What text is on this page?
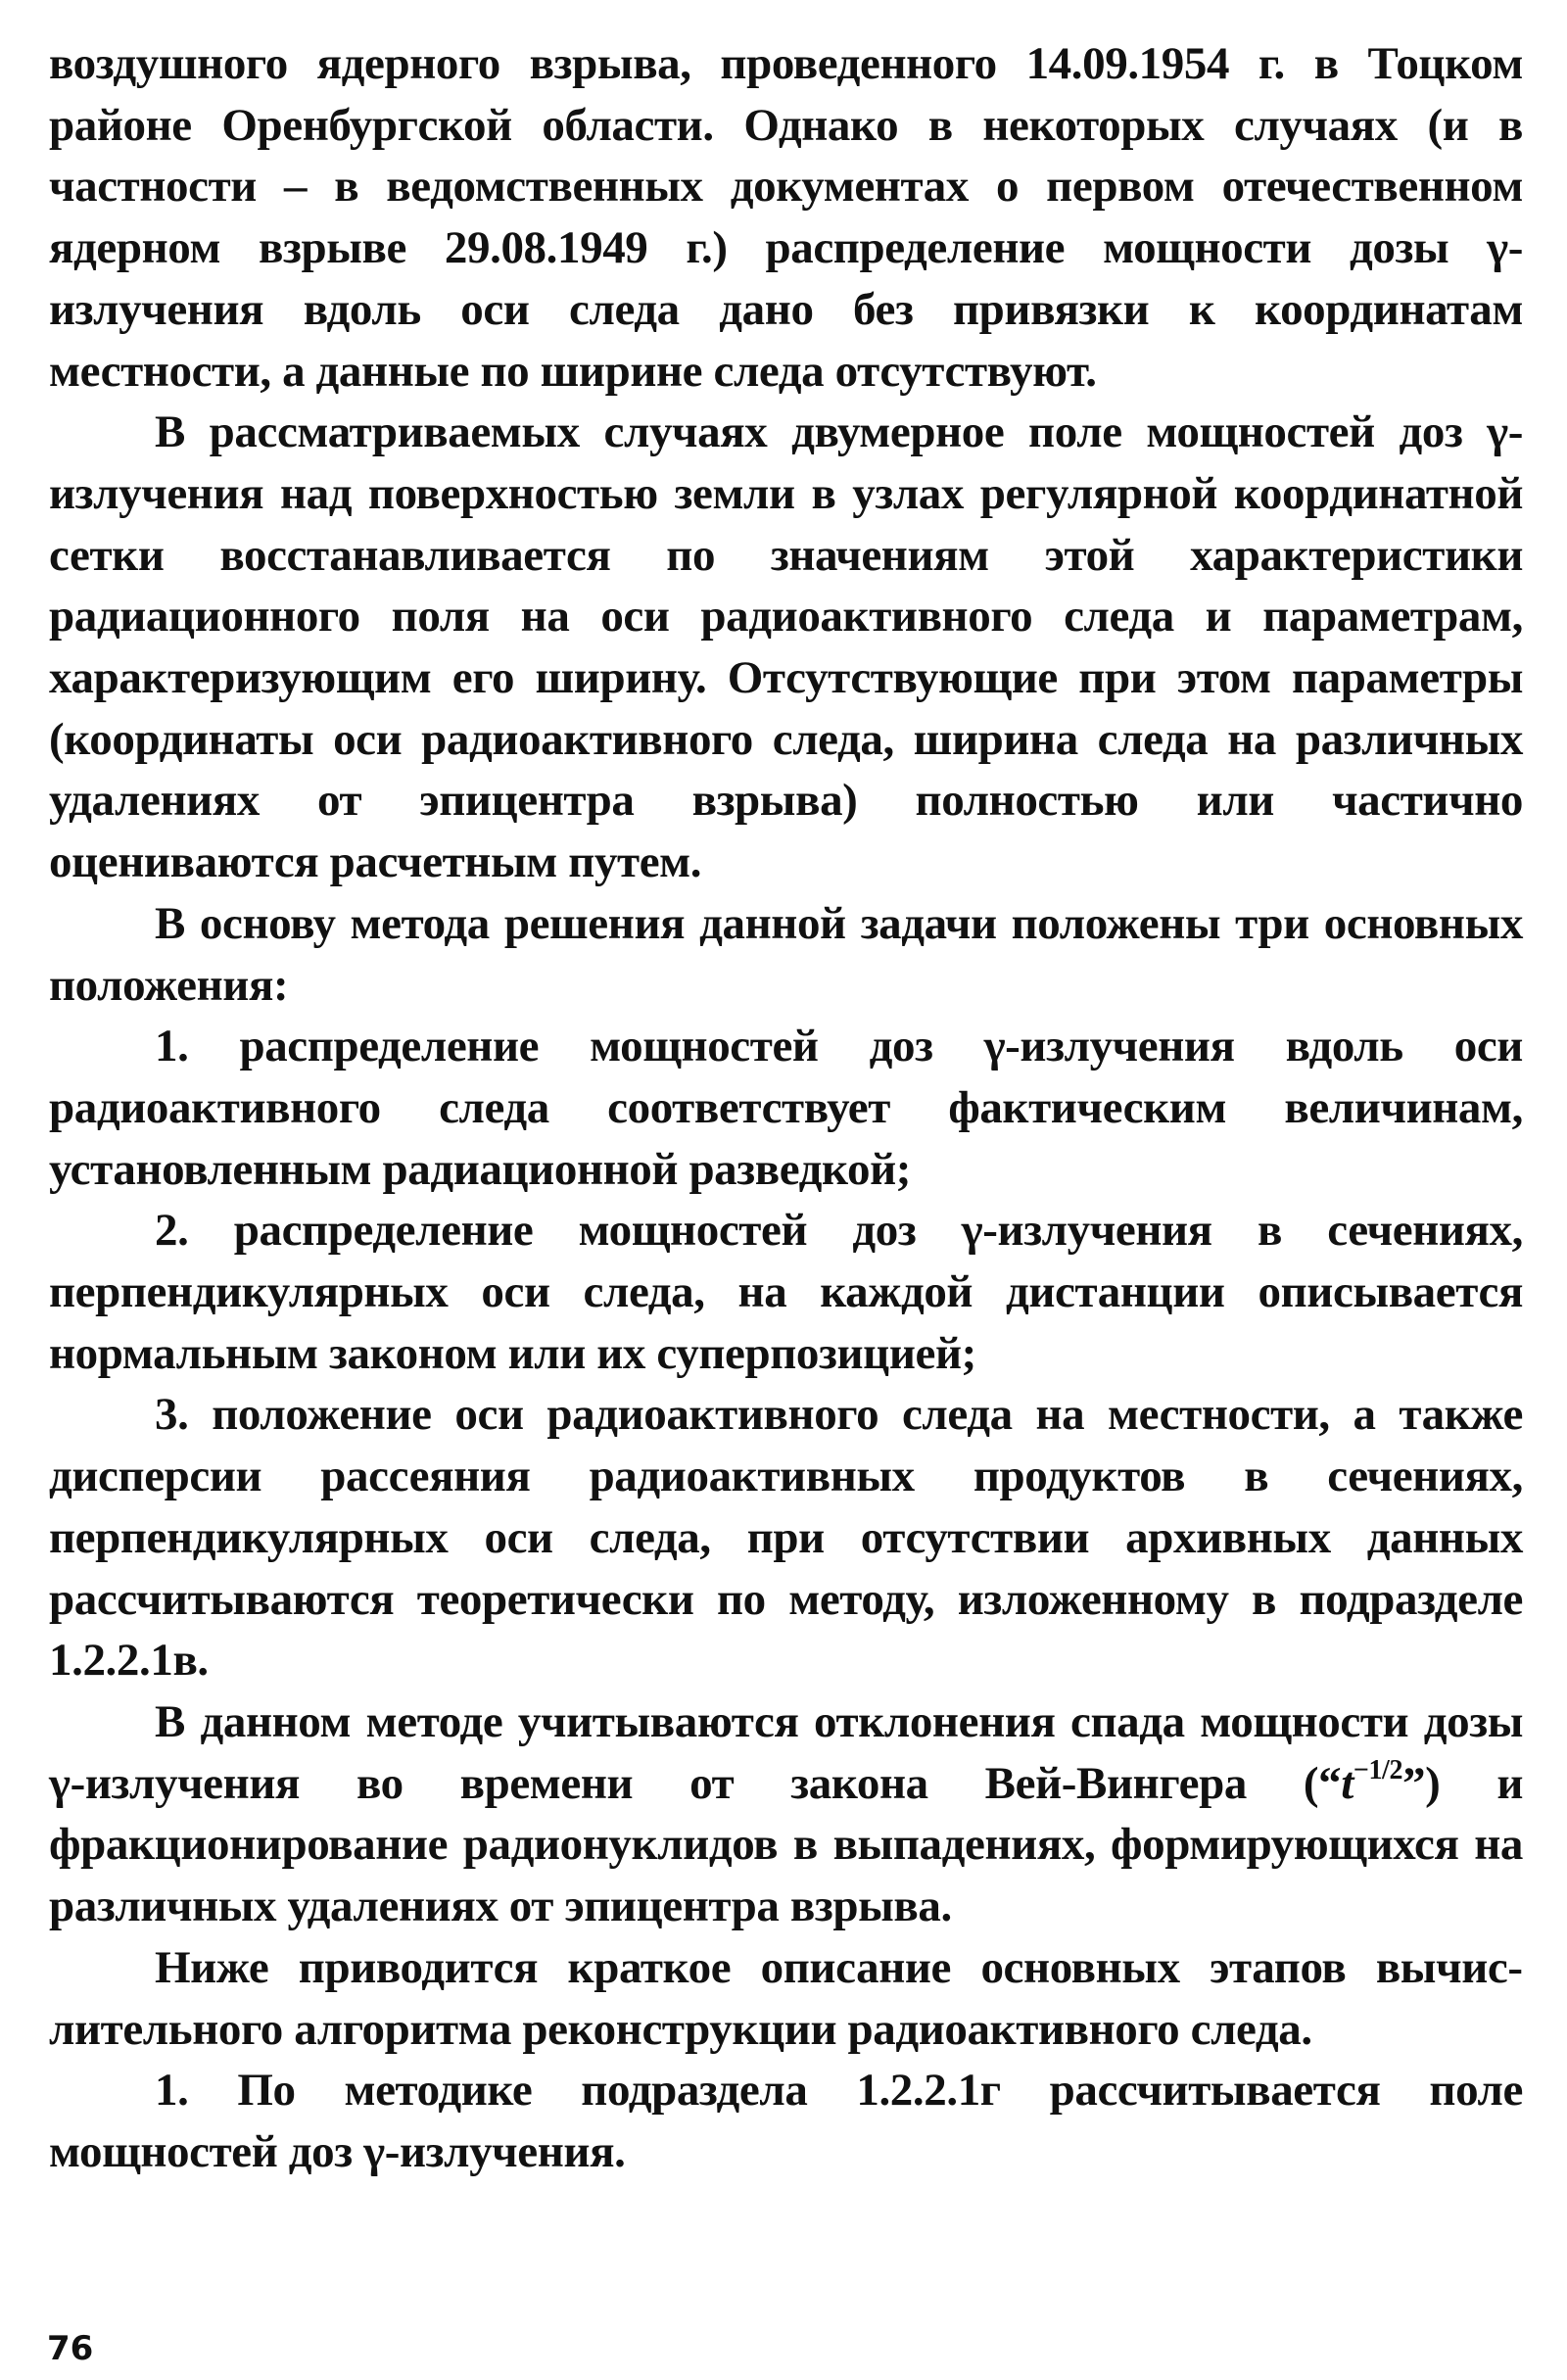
воздушного ядерного взрыва, проведенного 14.09.1954 г. в Тоцком районе Оренбургской области. Однако в некоторых случаях (и в частности – в ведомственных документах о первом отечественном ядерном взрыве 29.08.1949 г.) распределение мощности дозы γ-излучения вдоль оси следа дано без привязки к координатам местности, а данные по ширине следа отсутствуют.

В рассматриваемых случаях двумерное поле мощностей доз γ-излучения над поверхностью земли в узлах регулярной координатной сетки восстанавливается по значениям этой характеристики радиационного поля на оси радиоактивного следа и параметрам, характеризующим его ширину. Отсутствующие при этом параметры (координаты оси радиоактивного следа, ширина следа на различных удалениях от эпицентра взрыва) полностью или частично оцениваются расчетным путем.

В основу метода решения данной задачи положены три основных положения:

1. распределение мощностей доз γ-излучения вдоль оси радиоактивного следа соответствует фактическим величинам, установленным радиационной разведкой;

2. распределение мощностей доз γ-излучения в сечениях, перпендикулярных оси следа, на каждой дистанции описывается нормальным законом или их суперпозицией;

3. положение оси радиоактивного следа на местности, а также дисперсии рассеяния радиоактивных продуктов в сечениях, перпендикулярных оси следа, при отсутствии архивных данных рассчитываются теоретически по методу, изложенному в подразделе 1.2.2.1в.

В данном методе учитываются отклонения спада мощности дозы γ-излучения во времени от закона Вей-Вингера $(“t^{-1/2}”)$ и фракционирование радионуклидов в выпадениях, формирующихся на различных удалениях от эпицентра взрыва.

Ниже приводится краткое описание основных этапов вычислительного алгоритма реконструкции радиоактивного следа.

1. По методике подраздела 1.2.2.1г рассчитывается поле мощностей доз γ-излучения.

76
